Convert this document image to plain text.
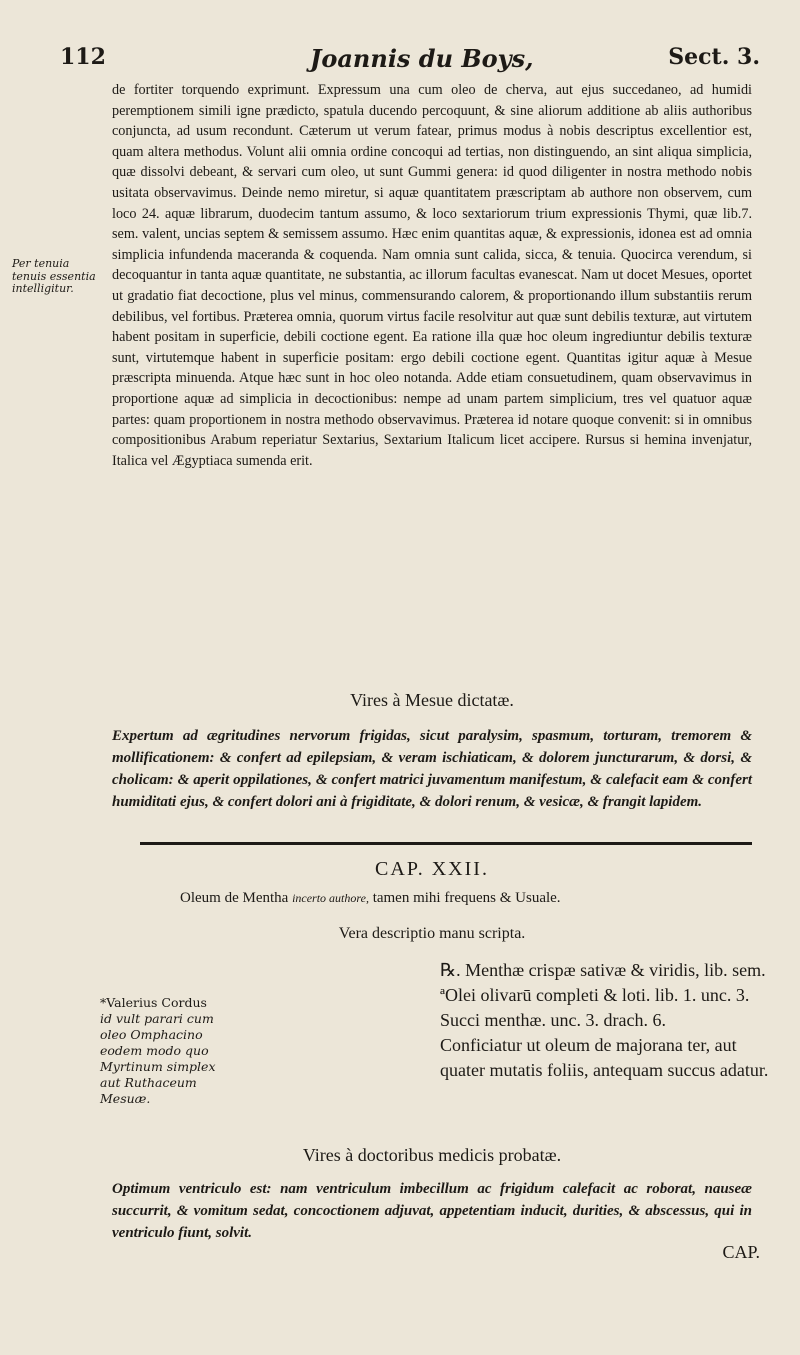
112	Joannis du Boys,	Sect. 3.
Per tenuia tenuis essentia intelligitur.

de fortiter torquendo exprimunt. Expressum una cum oleo de cherva, aut ejus succedaneo, ad humidi peremptionem simili igne prædicto, spatula ducendo percoquunt, & sine aliorum additione ab aliis authoribus conjuncta, ad usum recondunt. Cæterum ut verum fatear, primus modus à nobis descriptus excellentior est, quam altera methodus. Volunt alii omnia ordine concoqui ad tertias, non distinguendo, an sint aliqua simplicia, quæ dissolvi debeant, & servari cum oleo, ut sunt Gummi genera: id quod diligenter in nostra methodo nobis usitata observavimus. Deinde nemo miretur, si aquæ quantitatem præscriptam ab authore non observem, cum loco 24. aquæ librarum, duodecim tantum assumo, & loco sextariorum trium expressionis Thymi, quæ lib.7. sem. valent, uncias septem & semissem assumo. Hæc enim quantitas aquæ, & expressionis, idonea est ad omnia simplicia infundenda maceranda & coquenda. Nam omnia sunt calida, sicca, & tenuia. Quocirca verendum, si decoquantur in tanta aquæ quantitate, ne substantia, ac illorum facultas evanescat. Nam ut docet Mesues, oportet ut gradatio fiat decoctione, plus vel minus, commensurando calorem, & proportionando illum substantiis rerum debilibus, vel fortibus. Præterea omnia, quorum virtus facile resolvitur aut quæ sunt debilis texturæ, aut virtutem habent positam in superficie, debili coctione egent. Ea ratione illa quæ hoc oleum ingrediuntur debilis texturæ sunt, virtutemque habent in superficie positam: ergo debili coctione egent. Quantitas igitur aquæ à Mesue præscripta minuenda. Atque hæc sunt in hoc oleo notanda. Adde etiam consuetudinem, quam observavimus in proportione aquæ ad simplicia in decoctionibus: nempe ad unam partem simplicium, tres vel quatuor aquæ partes: quam proportionem in nostra methodo observavimus. Præterea id notare quoque convenit: si in omnibus compositionibus Arabum reperiatur Sextarius, Sextarium Italicum licet accipere. Rursus si hemina invenjatur, Italica vel Ægyptiaca sumenda erit.

Vires à Mesue dictatæ.
Expertum ad ægritudines nervorum frigidas, sicut paralysim, spasmum, torturam, tremorem & mollificationem: & confert ad epilepsiam, & veram ischiaticam, & dolorem juncturarum, & dorsi, & cholicam: & aperit oppilationes, & confert matrici juvamentum manifestum, & calefacit eam & confert humiditati ejus, & confert dolori ani à frigiditate, & dolori renum, & vesicæ, & frangit lapidem.
CAP. XXII.
Oleum de Mentha incerto authore, tamen mihi frequens & Usuale.
Vera descriptio manu scripta.

℞. Menthæ crispæ sativæ & viridis, lib. sem.

ªOlei olivarū completi & loti. lib. 1. unc. 3.

Succi menthæ. unc. 3. drach. 6.

Conficiatur ut oleum de majorana ter, aut quater mutatis foliis, antequam succus adatur.

*Valerius Cordus id vult parari cum oleo Omphacino eodem modo quo Myrtinum simplex aut Ruthaceum Mesuæ.
Vires à doctoribus medicis probatæ.
Optimum ventriculo est: nam ventriculum imbecillum ac frigidum calefacit ac roborat, nauseæ succurrit, & vomitum sedat, concoctionem adjuvat, appetentiam inducit, durities, & abscessus, qui in ventriculo fiunt, solvit.
CAP.
